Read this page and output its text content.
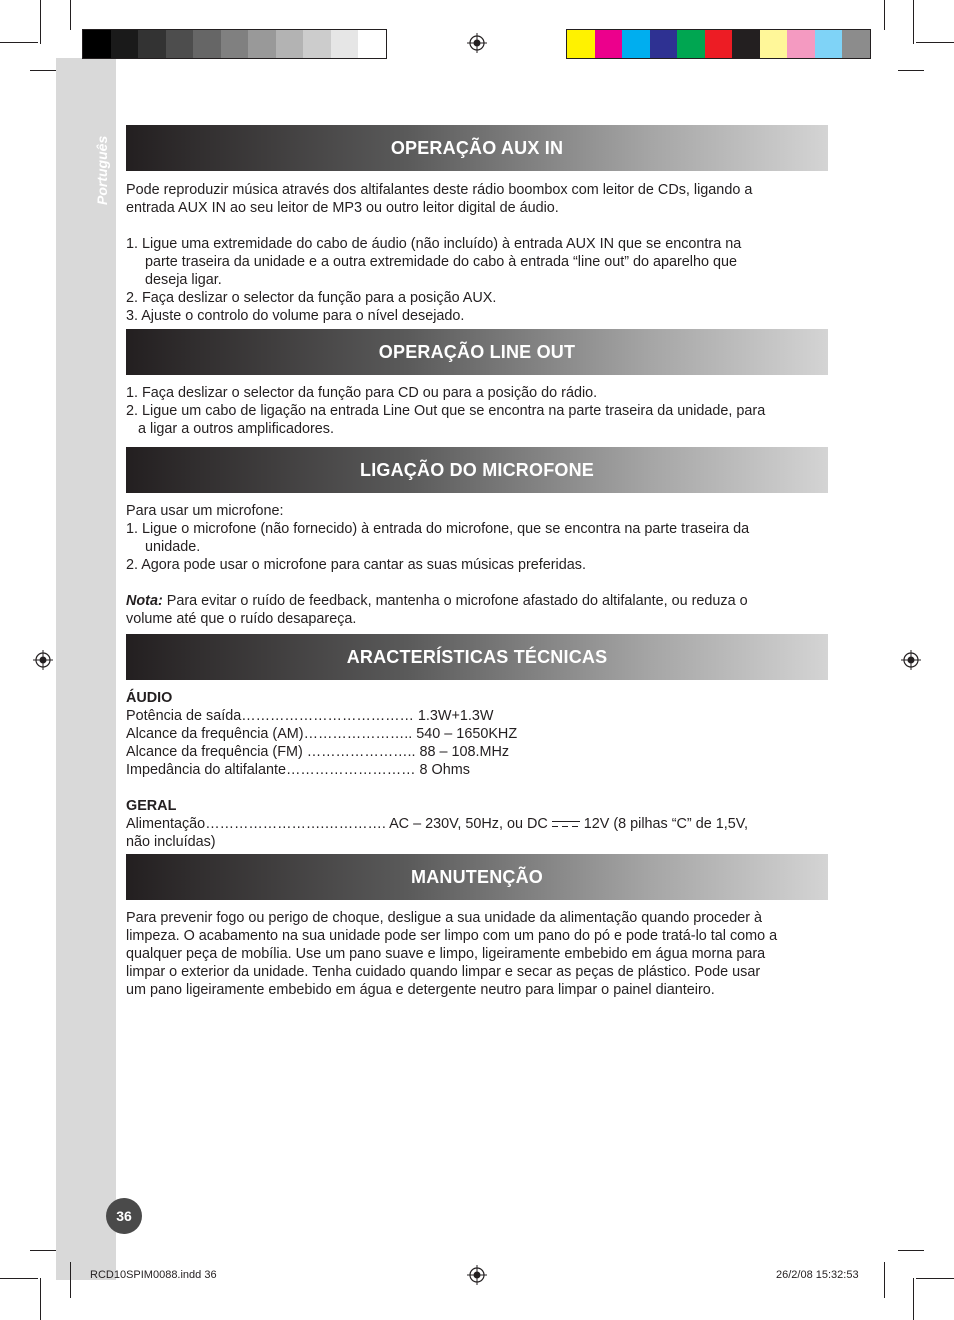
Português	OPERAÇÃO AUX IN

Pode reproduzir música através dos altifalantes deste rádio boombox com leitor de CDs, ligando a

entrada AUX IN ao seu leitor de MP3 ou outro leitor digital de áudio.

1. Ligue uma extremidade do cabo de áudio (não incluído) à entrada AUX IN que se encontra na

parte traseira da unidade e a outra extremidade do cabo à entrada “line out” do aparelho que

deseja ligar.

2. Faça deslizar o selector da função para a posição AUX.

3. Ajuste o controlo do volume para o nível desejado.

OPERAÇÃO LINE OUT

1. Faça deslizar o selector da função para CD ou para a posição do rádio.

2. Ligue um cabo de ligação na entrada Line Out que se encontra na parte traseira da unidade, para

a ligar a outros amplificadores.

LIGAÇÃO DO MICROFONE

Para usar um microfone:

1. Ligue o microfone (não fornecido) à entrada do microfone, que se encontra na parte traseira da

unidade.

2. Agora pode usar o microfone para cantar as suas músicas preferidas.

Nota: Para evitar o ruído de feedback, mantenha o microfone afastado do altifalante, ou reduza o

volume até que o ruído desapareça.

ARACTERÍSTICAS TÉCNICAS

ÁUDIO

Potência de saída……………………………… 1.3W+1.3W

Alcance da frequência (AM)………………….. 540 – 1650KHZ

Alcance da frequência (FM) ………………….. 88 – 108.MHz

Impedância do altifalante……………………… 8 Ohms

GERAL

Alimentação…………………….…………. AC – 230V, 50Hz, ou DC	12V (8 pilhas “C” de 1,5V,

não incluídas)

MANUTENÇÃO

Para prevenir fogo ou perigo de choque, desligue a sua unidade da alimentação quando proceder à

limpeza. O acabamento na sua unidade pode ser limpo com um pano do pó e pode tratá-lo tal como a

qualquer peça de mobília. Use um pano suave e limpo, ligeiramente embebido em água morna para

limpar o exterior da unidade. Tenha cuidado quando limpar e secar as peças de plástico. Pode usar

um pano ligeiramente embebido em água e detergente neutro para limpar o painel dianteiro.

36
RCD10SPIM0088.indd 36	26/2/08 15:32:53
